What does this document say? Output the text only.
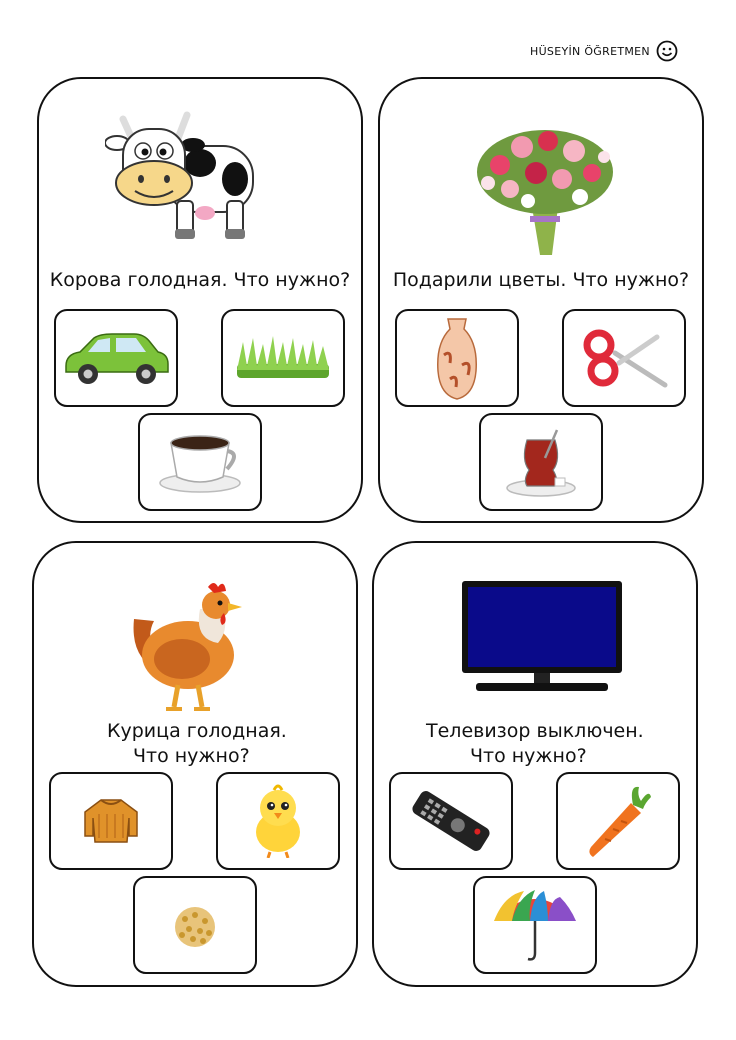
HÜSEYİN ÖĞRETMEN
Корова голодная. Что нужно?	Подарили цветы. Что нужно?
Курица голодная.
Что нужно?
Телевизор выключен.
Что нужно?
